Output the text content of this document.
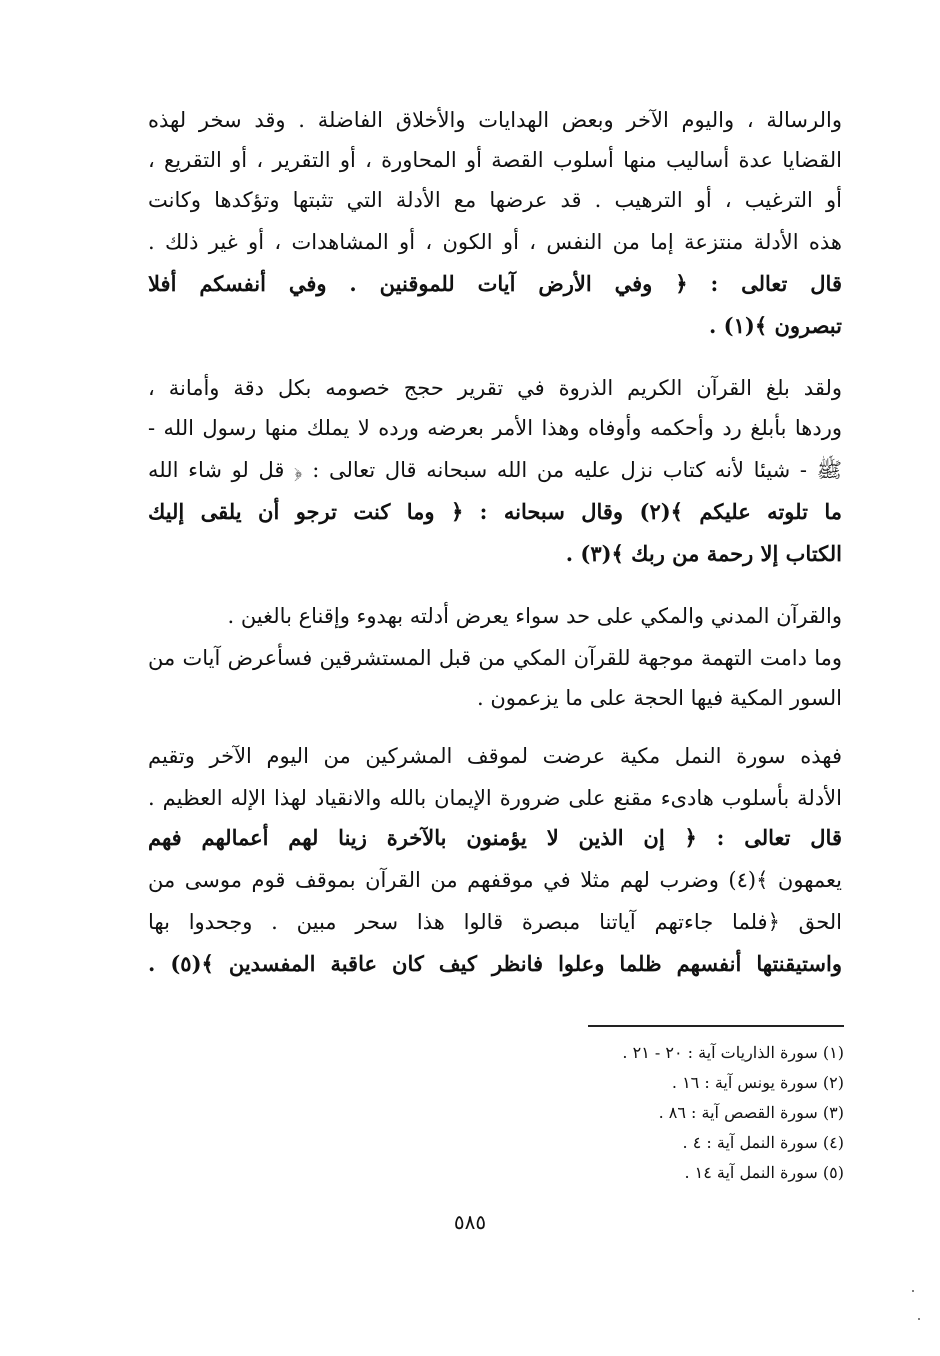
والرسالة ، واليوم الآخر وبعض الهدايات والأخلاق الفاضلة . وقد سخر لهذه
القضايا عدة أساليب منها أسلوب القصة أو المحاورة ، أو التقرير ، أو التقريع ،
أو الترغيب ، أو الترهيب . قد عرضها مع الأدلة التي تثبتها وتؤكدها وكانت
هذه الأدلة منتزعة إما من النفس ، أو الكون ، أو المشاهدات ، أو غير ذلك .
قال تعالى : ﴿ وفي الأرض آيات للموقنين . وفي أنفسكم أفلا
تبصرون ﴾(١) .
ولقد بلغ القرآن الكريم الذروة في تقرير حجج خصومه بكل دقة وأمانة ،
وردها بأبلغ رد وأحكمه وأوفاه وهذا الأمر بعرضه ورده لا يملك منها رسول الله -
ﷺ - شيئا لأنه كتاب نزل عليه من الله سبحانه قال تعالى : ﴿ قل لو شاء الله
ما تلوته عليكم ﴾(٢) وقال سبحانه : ﴿ وما كنت ترجو أن يلقى إليك
الكتاب إلا رحمة من ربك ﴾(٣) .
والقرآن المدني والمكي على حد سواء يعرض أدلته بهدوء وإقناع بالغين .
وما دامت التهمة موجهة للقرآن المكي من قبل المستشرقين فسأعرض آيات من
السور المكية فيها الحجة على ما يزعمون .
فهذه سورة النمل مكية عرضت لموقف المشركين من اليوم الآخر وتقيم
الأدلة بأسلوب هادىء مقنع على ضرورة الإيمان بالله والانقياد لهذا الإله العظيم .
قال تعالى : ﴿ إن الذين لا يؤمنون بالآخرة زينا لهم أعمالهم فهم
يعمهون ﴾(٤) وضرب لهم مثلا في موقفهم من القرآن بموقف قوم موسى من
الحق ﴿فلما جاءتهم آياتنا مبصرة قالوا هذا سحر مبين . وجحدوا بها
واستيقنتها أنفسهم ظلما وعلوا فانظر كيف كان عاقبة المفسدين ﴾(٥) .
(١) سورة الذاريات آية : ٢٠ - ٢١ .
(٢) سورة يونس آية : ١٦ .
(٣) سورة القصص آية : ٨٦ .
(٤) سورة النمل آية : ٤ .
(٥) سورة النمل آية ١٤ .
٥٨٥
